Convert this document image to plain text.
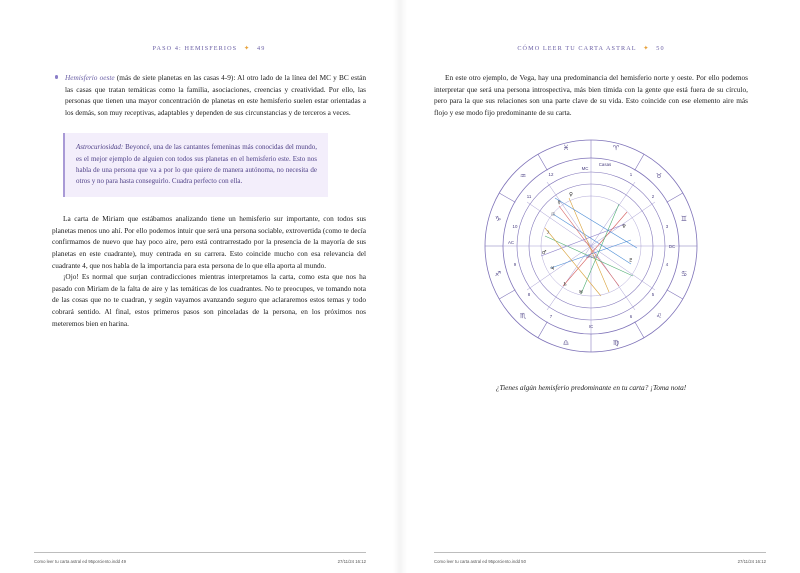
PASO 4: HEMISFERIOS ✦ 49
Hemisferio oeste (más de siete planetas en las casas 4-9): Al otro lado de la línea del MC y BC están las casas que tratan temáticas como la familia, asociaciones, creencias y creatividad. Por ello, las personas que tienen una mayor concentración de planetas en este hemisferio suelen estar orientadas a los demás, son muy receptivas, adaptables y dependen de sus circunstancias y de terceros a veces.

Astrocuriosidad: Beyoncé, una de las cantantes femeninas más conocidas del mundo, es el mejor ejemplo de alguien con todos sus planetas en el hemisferio este. Esto nos habla de una persona que va a por lo que quiere de manera autónoma, no necesita de otros y no para hasta conseguirlo. Cuadra perfecto con ella.

La carta de Miriam que estábamos analizando tiene un hemisferio sur importante, con todos sus planetas menos uno ahí. Por ello podemos intuir que será una persona sociable, extrovertida (como te decía confirmamos de nuevo que hay poco aire, pero está contrarrestado por la presencia de la mayoría de sus planetas en este cuadrante), muy centrada en su carrera. Esto coincide mucho con esa relevancia del cuadrante 4, que nos habla de la importancia para esta persona de lo que ella aporta al mundo.

¡Ojo! Es normal que surjan contradicciones mientras interpretamos la carta, como esta que nos ha pasado con Miriam de la falta de aire y las temáticas de los cuadrantes. No te preocupes, ve tomando nota de las cosas que no te cuadran, y según vayamos avanzando seguro que aclararemos estos temas y todo cobrará sentido. Al final, estos primeros pasos son pinceladas de la persona, en los próximos nos meteremos bien en harina.

Como leer tu carta astral ed 95porciento.indd 49	27/11/24 16:12
CÓMO LEER TU CARTA ASTRAL ✦ 50

En este otro ejemplo, de Vega, hay una predominancia del hemisferio norte y oeste. Por ello podemos interpretar que será una persona introspectiva, más bien tímida con la gente que está fuera de su círculo, pero para la que sus relaciones son una parte clave de su vida. Esto coincide con ese elemento aire más flojo y ese modo fijo predominante de su carta.

♈
♉
♊
♋
♌
♍
♎
♏
♐
♑
♒
♓
AC
MC
DC
IC
Casas
1
2
3
4
5
6
7
8
9
10
11
12
☉
☽
☿
♀
♂
♃
♄
♅
♆
♇
VEGA

¿Tienes algún hemisferio predominante en tu carta? ¡Toma nota!

Como leer tu carta astral ed 95porciento.indd 50	27/11/24 16:12
